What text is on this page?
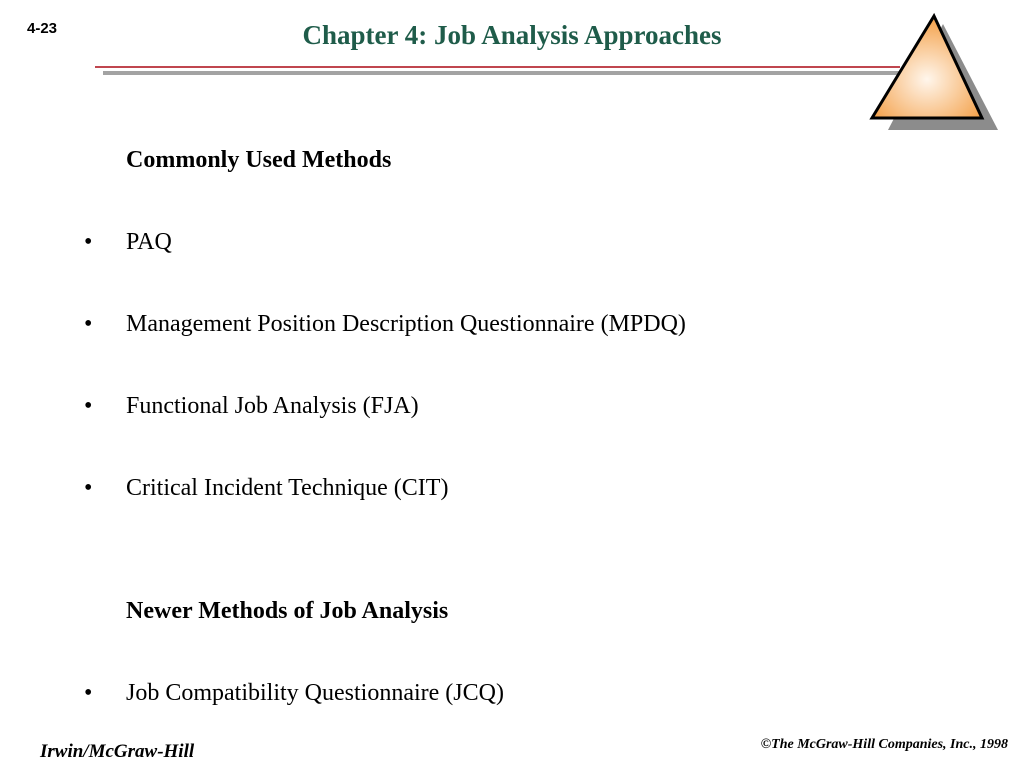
4-23	Chapter 4: Job Analysis Approaches
Commonly Used Methods
•	PAQ
•	Management Position Description Questionnaire (MPDQ)
•	Functional Job Analysis (FJA)
•	Critical Incident Technique (CIT)
Newer Methods of Job Analysis
•	Job Compatibility Questionnaire (JCQ)
Irwin/McGraw-Hill	©The McGraw-Hill Companies, Inc., 1998
